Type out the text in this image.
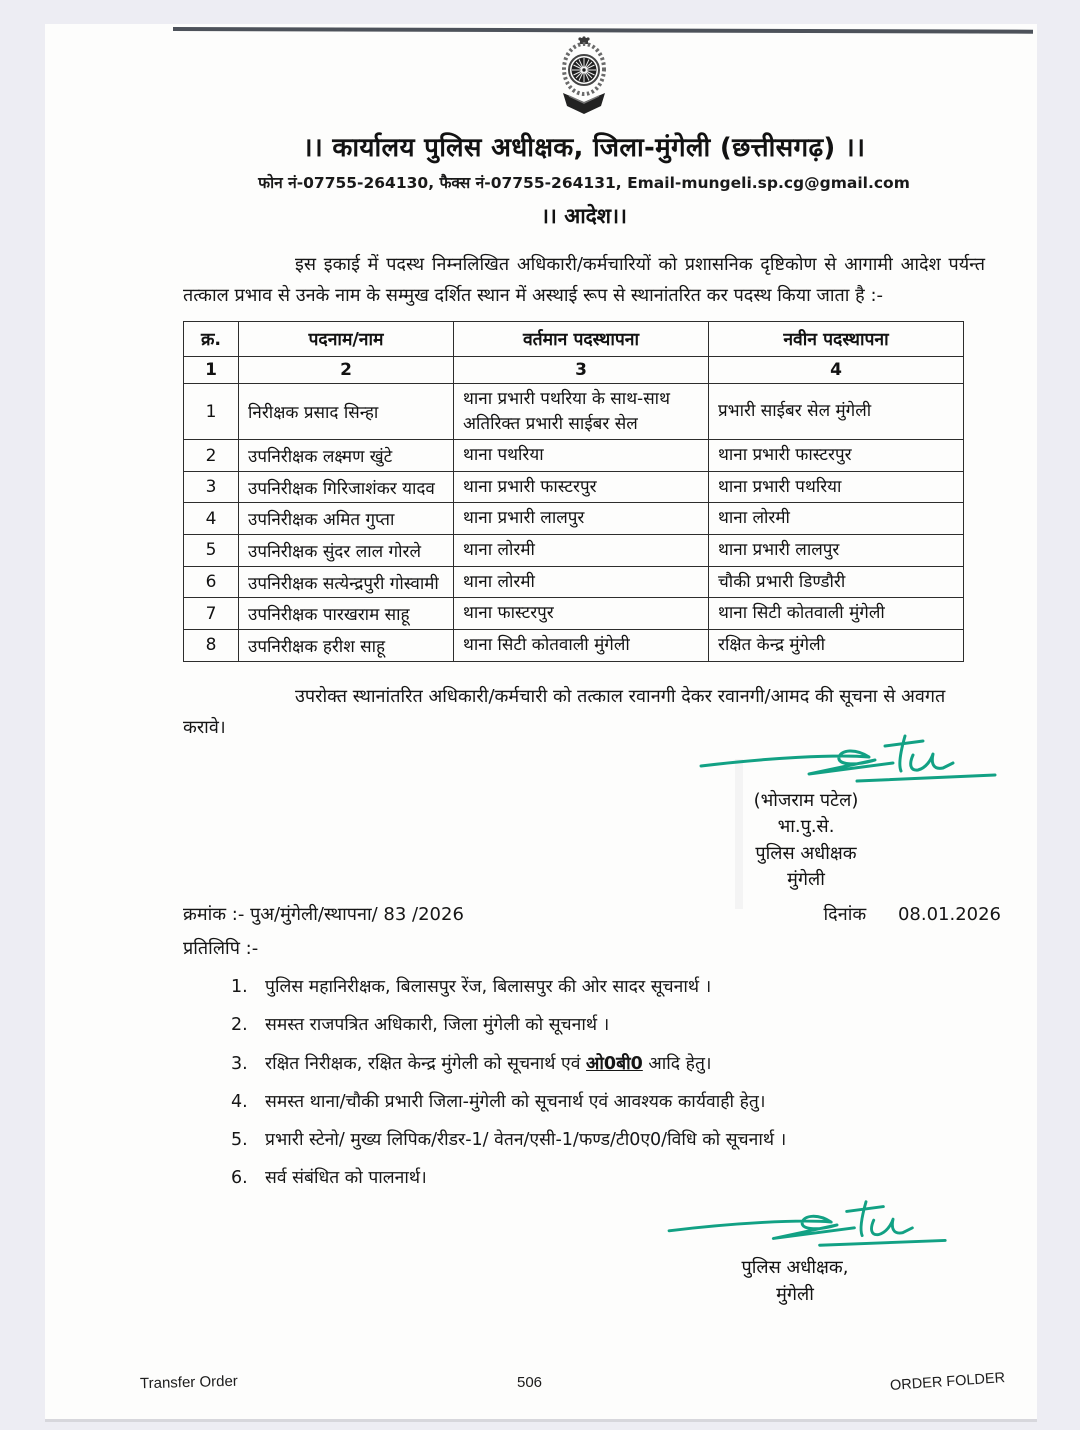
।। कार्यालय पुलिस अधीक्षक, जिला-मुंगेली (छत्तीसगढ़) ।।
फोन नं-07755-264130, फैक्स नं-07755-264131, Email-mungeli.sp.cg@gmail.com
।। आदेश।।
इस इकाई में पदस्थ निम्नलिखित अधिकारी/कर्मचारियों को प्रशासनिक दृष्टिकोण से आगामी आदेश पर्यन्त तत्काल प्रभाव से उनके नाम के सम्मुख दर्शित स्थान में अस्थाई रूप से स्थानांतरित कर पदस्थ किया जाता है :-
क्र.	पदनाम/नाम	वर्तमान पदस्थापना	नवीन पदस्थापना
1	2	3	4
1	निरीक्षक प्रसाद सिन्हा	थाना प्रभारी पथरिया के साथ-साथ अतिरिक्त प्रभारी साईबर सेल	प्रभारी साईबर सेल मुंगेली
2	उपनिरीक्षक लक्ष्मण खुंटे	थाना पथरिया	थाना प्रभारी फास्टरपुर
3	उपनिरीक्षक गिरिजाशंकर यादव	थाना प्रभारी फास्टरपुर	थाना प्रभारी पथरिया
4	उपनिरीक्षक अमित गुप्ता	थाना प्रभारी लालपुर	थाना लोरमी
5	उपनिरीक्षक सुंदर लाल गोरले	थाना लोरमी	थाना प्रभारी लालपुर
6	उपनिरीक्षक सत्येन्द्रपुरी गोस्वामी	थाना लोरमी	चौकी प्रभारी डिण्डौरी
7	उपनिरीक्षक पारखराम साहू	थाना फास्टरपुर	थाना सिटी कोतवाली मुंगेली
8	उपनिरीक्षक हरीश साहू	थाना सिटी कोतवाली मुंगेली	रक्षित केन्द्र मुंगेली
उपरोक्त स्थानांतरित अधिकारी/कर्मचारी को तत्काल रवानगी देकर रवानगी/आमद की सूचना से अवगत करावे।
(भोजराम पटेल)
भा.पु.से.
पुलिस अधीक्षक
मुंगेली
क्रमांक :- पुअ/मुंगेली/स्थापना/ 83 /2026	दिनांक 08.01.2026
प्रतिलिपि :-
1. पुलिस महानिरीक्षक, बिलासपुर रेंज, बिलासपुर की ओर सादर सूचनार्थ ।
2. समस्त राजपत्रित अधिकारी, जिला मुंगेली को सूचनार्थ ।
3. रक्षित निरीक्षक, रक्षित केन्द्र मुंगेली को सूचनार्थ एवं ओ0बी0 आदि हेतु।
4. समस्त थाना/चौकी प्रभारी जिला-मुंगेली को सूचनार्थ एवं आवश्यक कार्यवाही हेतु।
5. प्रभारी स्टेनो/ मुख्य लिपिक/रीडर-1/ वेतन/एसी-1/फण्ड/टी0ए0/विधि को सूचनार्थ ।
6. सर्व संबंधित को पालनार्थ।
पुलिस अधीक्षक,
मुंगेली
Transfer Order	506	ORDER FOLDER
